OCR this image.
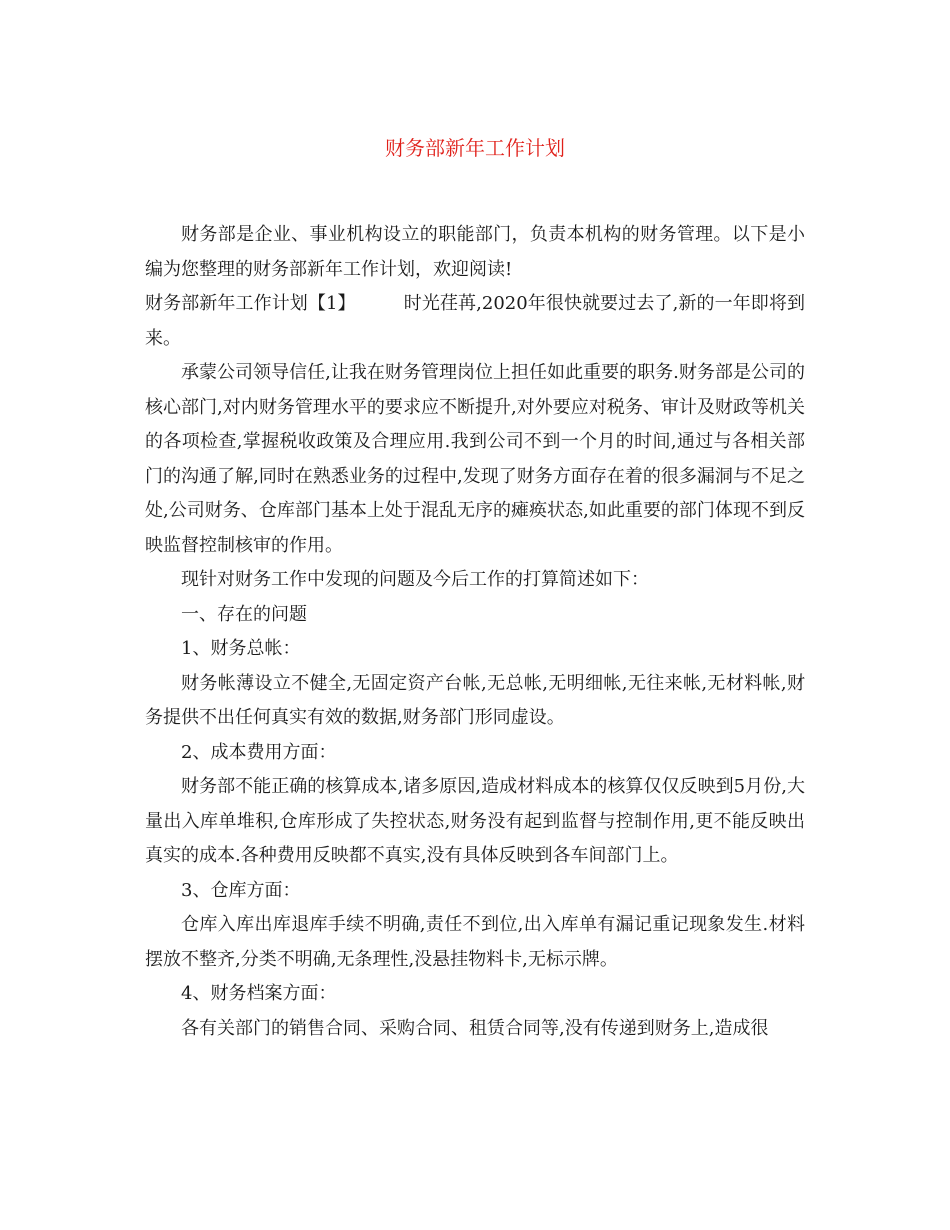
财务部新年工作计划

财务部是企业、事业机构设立的职能部门，负责本机构的财务管理。以下是小编为您整理的财务部新年工作计划，欢迎阅读!

财务部新年工作计划【1】	时光荏苒,2020年很快就要过去了,新的一年即将到来。

承蒙公司领导信任,让我在财务管理岗位上担任如此重要的职务.财务部是公司的核心部门,对内财务管理水平的要求应不断提升,对外要应对税务、审计及财政等机关的各项检查,掌握税收政策及合理应用.我到公司不到一个月的时间,通过与各相关部门的沟通了解,同时在熟悉业务的过程中,发现了财务方面存在着的很多漏洞与不足之处,公司财务、仓库部门基本上处于混乱无序的瘫痪状态,如此重要的部门体现不到反映监督控制核审的作用。

现针对财务工作中发现的问题及今后工作的打算简述如下：

一、存在的问题

1、财务总帐：

财务帐薄设立不健全,无固定资产台帐,无总帐,无明细帐,无往来帐,无材料帐,财务提供不出任何真实有效的数据,财务部门形同虚设。

2、成本费用方面：

财务部不能正确的核算成本,诸多原因,造成材料成本的核算仅仅反映到5月份,大量出入库单堆积,仓库形成了失控状态,财务没有起到监督与控制作用,更不能反映出真实的成本.各种费用反映都不真实,没有具体反映到各车间部门上。

3、仓库方面：

仓库入库出库退库手续不明确,责任不到位,出入库单有漏记重记现象发生.材料摆放不整齐,分类不明确,无条理性,没悬挂物料卡,无标示牌。

4、财务档案方面：

各有关部门的销售合同、采购合同、租赁合同等,没有传递到财务上,造成很
